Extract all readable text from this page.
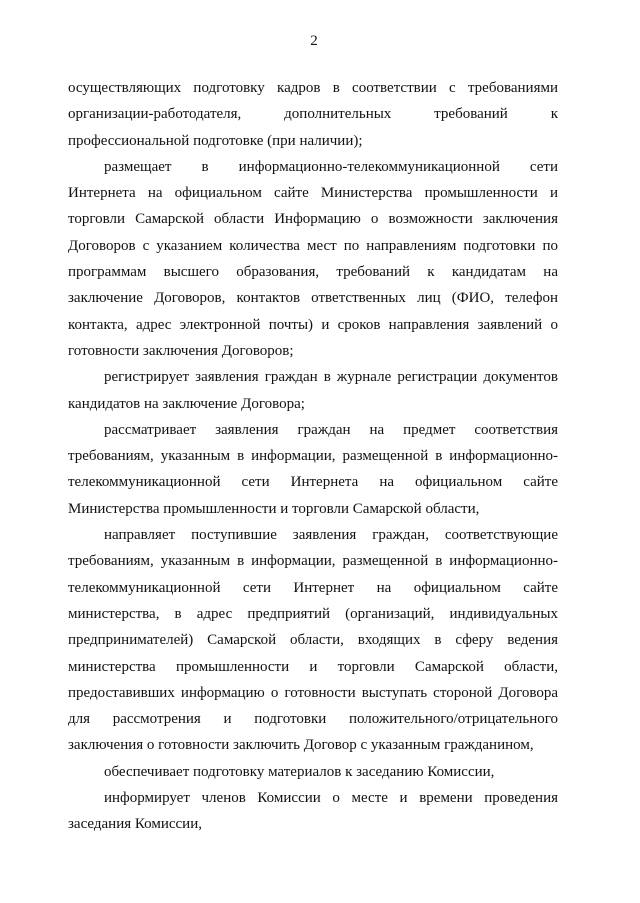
2
осуществляющих подготовку кадров в соответствии с требованиями
организации-работодателя, дополнительных требований к
профессиональной подготовке (при наличии);
размещает в информационно-телекоммуникационной сети
Интернета на официальном сайте Министерства промышленности и
торговли Самарской области Информацию о возможности заключения
Договоров с указанием количества мест по направлениям подготовки по
программам высшего образования, требований к кандидатам на
заключение Договоров, контактов ответственных лиц (ФИО, телефон
контакта, адрес электронной почты) и сроков направления заявлений о
готовности заключения Договоров;
регистрирует заявления граждан в журнале регистрации документов
кандидатов на заключение Договора;
рассматривает заявления граждан на предмет соответствия
требованиям, указанным в информации, размещенной в информационно-
телекоммуникационной сети Интернета на официальном сайте
Министерства промышленности и торговли Самарской области,
направляет поступившие заявления граждан, соответствующие
требованиям, указанным в информации, размещенной в информационно-
телекоммуникационной сети Интернет на официальном сайте
министерства, в адрес предприятий (организаций, индивидуальных
предпринимателей) Самарской области, входящих в сферу ведения
министерства промышленности и торговли Самарской области,
предоставивших информацию о готовности выступать стороной Договора
для рассмотрения и подготовки положительного/отрицательного
заключения о готовности заключить Договор с указанным гражданином,
обеспечивает подготовку материалов к заседанию Комиссии,
информирует членов Комиссии о месте и времени проведения
заседания Комиссии,
